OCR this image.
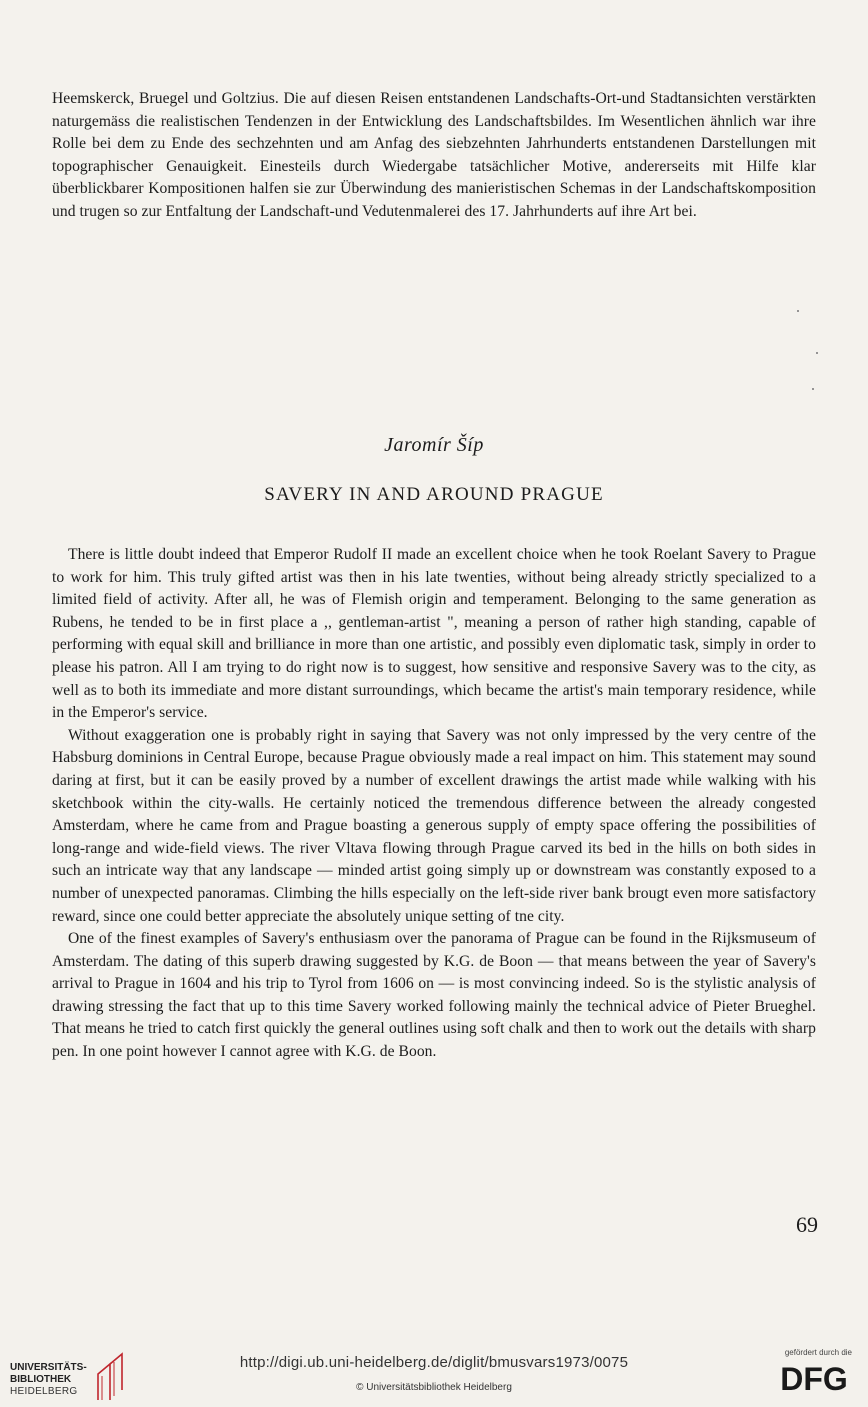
Heemskerck, Bruegel und Goltzius. Die auf diesen Reisen entstandenen Landschafts-Ort-und Stadtansichten verstärkten naturgemäss die realistischen Tendenzen in der Entwicklung des Landschaftsbildes. Im Wesentlichen ähnlich war ihre Rolle bei dem zu Ende des sechzehnten und am Anfag des siebzehnten Jahrhunderts entstandenen Darstellungen mit topographischer Genauigkeit. Einesteils durch Wiedergabe tatsächlicher Motive, andererseits mit Hilfe klar überblickbarer Kompositionen halfen sie zur Überwindung des manieristischen Schemas in der Landschaftskomposition und trugen so zur Entfaltung der Landschaft-und Vedutenmalerei des 17. Jahrhunderts auf ihre Art bei.

Jaromír Šíp
SAVERY IN AND AROUND PRAGUE

There is little doubt indeed that Emperor Rudolf II made an excellent choice when he took Roelant Savery to Prague to work for him. This truly gifted artist was then in his late twenties, without being already strictly specialized to a limited field of activity. After all, he was of Flemish origin and temperament. Belonging to the same generation as Rubens, he tended to be in first place a ,, gentleman-artist ", meaning a person of rather high standing, capable of performing with equal skill and brilliance in more than one artistic, and possibly even diplomatic task, simply in order to please his patron. All I am trying to do right now is to suggest, how sensitive and responsive Savery was to the city, as well as to both its immediate and more distant surroundings, which became the artist's main temporary residence, while in the Emperor's service.

Without exaggeration one is probably right in saying that Savery was not only impressed by the very centre of the Habsburg dominions in Central Europe, because Prague obviously made a real impact on him. This statement may sound daring at first, but it can be easily proved by a number of excellent drawings the artist made while walking with his sketchbook within the city-walls. He certainly noticed the tremendous difference between the already congested Amsterdam, where he came from and Prague boasting a generous supply of empty space offering the possibilities of long-range and wide-field views. The river Vltava flowing through Prague carved its bed in the hills on both sides in such an intricate way that any landscape — minded artist going simply up or downstream was constantly exposed to a number of unexpected panoramas. Climbing the hills especially on the left-side river bank brougt even more satisfactory reward, since one could better appreciate the absolutely unique setting of tne city.

One of the finest examples of Savery's enthusiasm over the panorama of Prague can be found in the Rijksmuseum of Amsterdam. The dating of this superb drawing suggested by K.G. de Boon — that means between the year of Savery's arrival to Prague in 1604 and his trip to Tyrol from 1606 on — is most convincing indeed. So is the stylistic analysis of drawing stressing the fact that up to this time Savery worked following mainly the technical advice of Pieter Brueghel. That means he tried to catch first quickly the general outlines using soft chalk and then to work out the details with sharp pen. In one point however I cannot agree with K.G. de Boon.

69
UNIVERSITÄTS-
BIBLIOTHEK
HEIDELBERG
http://digi.ub.uni-heidelberg.de/diglit/bmusvars1973/0075
© Universitätsbibliothek Heidelberg
gefördert durch die
DFG
